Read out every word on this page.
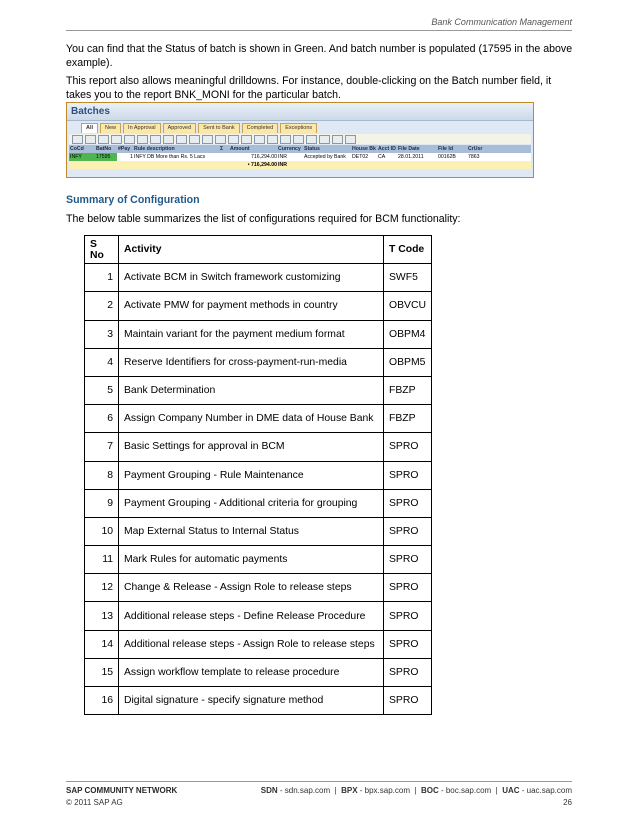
Bank Communication Management
You can find that the Status of batch is shown in Green. And batch number is populated (17595 in the above example).
This report also allows meaningful drilldowns. For instance, double-clicking on the Batch number field, it takes you to the report BNK_MONI for the particular batch.
Batches
All	New	In Approval	Approved	Sent to Bank	Completed	Exceptions
CoCd	BatNo	#Pay Rule description	Σ	Amount	Currency Status	House Bk Acct ID File Date	File Id	CrUsr
INFY	17595	1 INFY DB More than Rs. 5 Lacs	716,294.00 INR	Accepted by Bank	DET02	CA	28.01.2011	00162B	7863
• 716,294.00 INR
Summary of Configuration
The below table summarizes the list of configurations required for BCM functionality:
S No	Activity	T Code
1	Activate BCM in Switch framework customizing	SWF5
2	Activate PMW for payment methods in country	OBVCU
3	Maintain variant for the payment medium format	OBPM4
4	Reserve Identifiers for cross-payment-run-media	OBPM5
5	Bank Determination	FBZP
6	Assign Company Number in DME data of House Bank	FBZP
7	Basic Settings for approval in BCM	SPRO
8	Payment Grouping - Rule Maintenance	SPRO
9	Payment Grouping - Additional criteria for grouping	SPRO
10	Map External Status to Internal Status	SPRO
11	Mark Rules for automatic payments	SPRO
12	Change & Release - Assign Role to release steps	SPRO
13	Additional release steps - Define Release Procedure	SPRO
14	Additional release steps - Assign Role to release steps	SPRO
15	Assign workflow template to release procedure	SPRO
16	Digital signature - specify signature method	SPRO
SAP COMMUNITY NETWORK	SDN - sdn.sap.com  |  BPX - bpx.sap.com  |  BOC - boc.sap.com  |  UAC - uac.sap.com
© 2011 SAP AG	26
